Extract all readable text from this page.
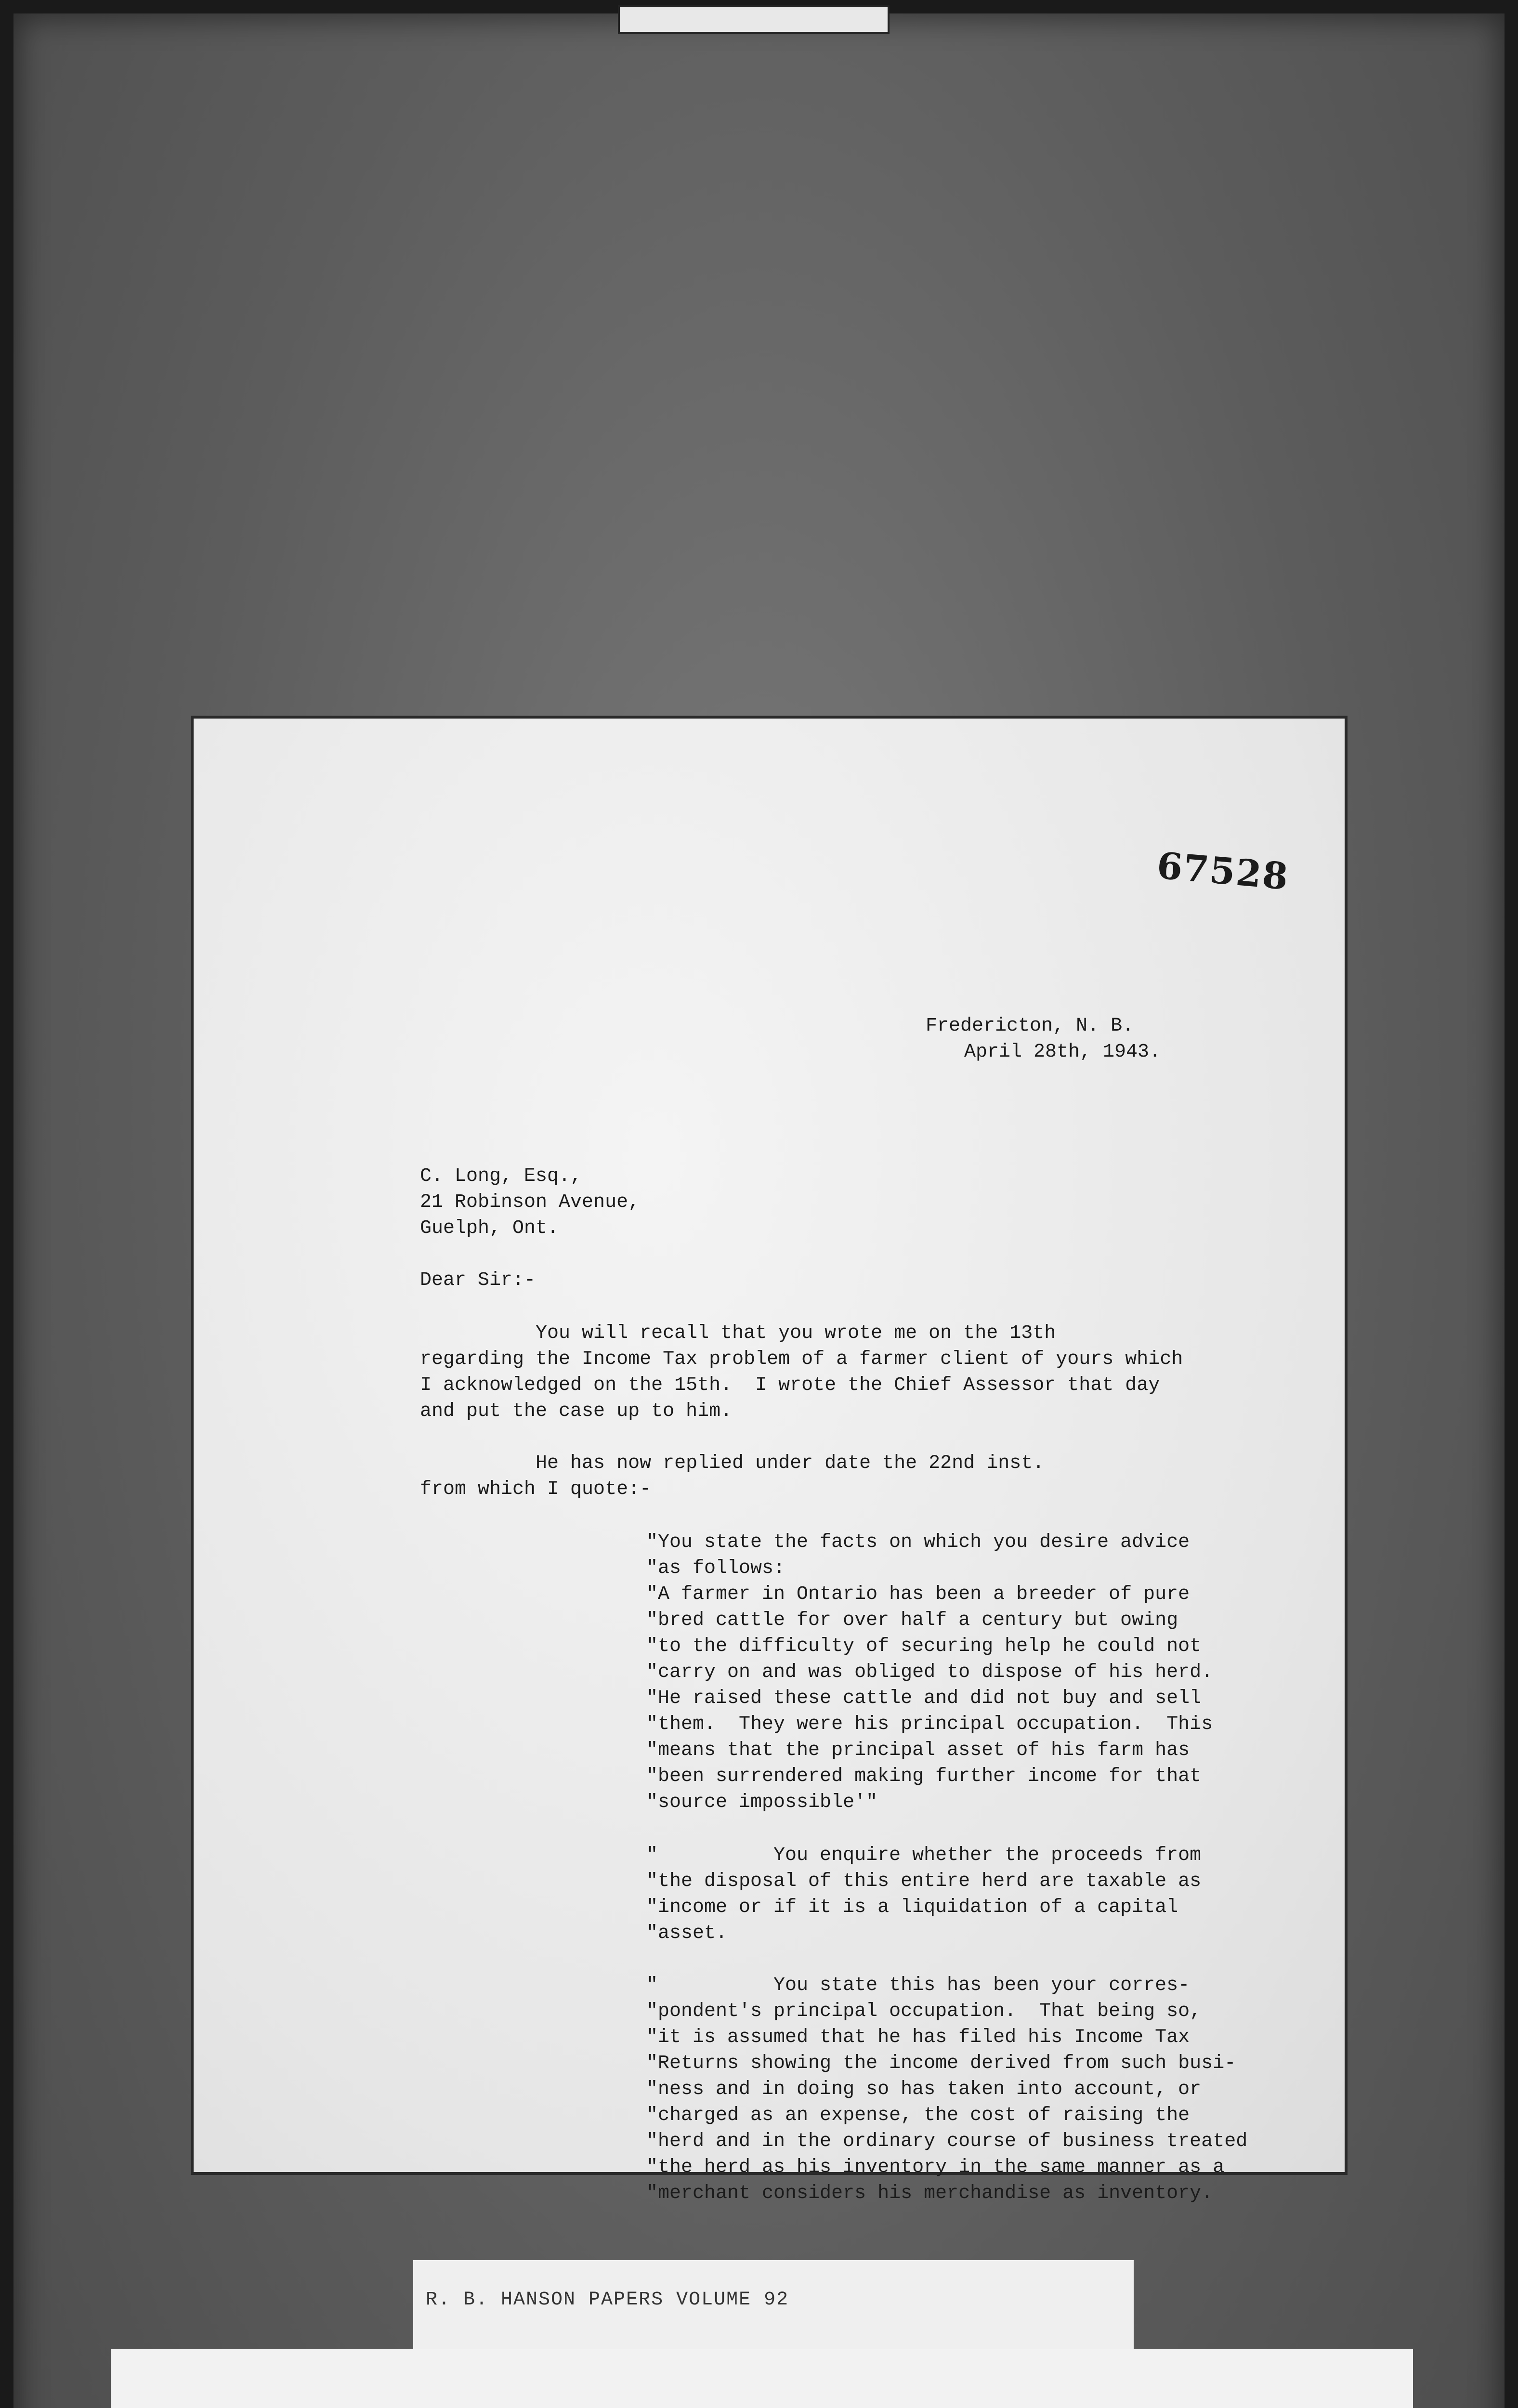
67528
Fredericton, N. B.
April 28th, 1943.
C. Long, Esq.,
21 Robinson Avenue,
Guelph, Ont.
Dear Sir:-
You will recall that you wrote me on the 13th
regarding the Income Tax problem of a farmer client of yours which
I acknowledged on the 15th.  I wrote the Chief Assessor that day
and put the case up to him.
He has now replied under date the 22nd inst.
from which I quote:-
"You state the facts on which you desire advice
"as follows:
"A farmer in Ontario has been a breeder of pure
"bred cattle for over half a century but owing
"to the difficulty of securing help he could not
"carry on and was obliged to dispose of his herd.
"He raised these cattle and did not buy and sell
"them.  They were his principal occupation.  This
"means that the principal asset of his farm has
"been surrendered making further income for that
"source impossible'"
"          You enquire whether the proceeds from
"the disposal of this entire herd are taxable as
"income or if it is a liquidation of a capital
"asset.
"          You state this has been your corres-
"pondent's principal occupation.  That being so,
"it is assumed that he has filed his Income Tax
"Returns showing the income derived from such busi-
"ness and in doing so has taken into account, or
"charged as an expense, the cost of raising the
"herd and in the ordinary course of business treated
"the herd as his inventory in the same manner as a
"merchant considers his merchandise as inventory.
R. B. HANSON PAPERS VOLUME 92
